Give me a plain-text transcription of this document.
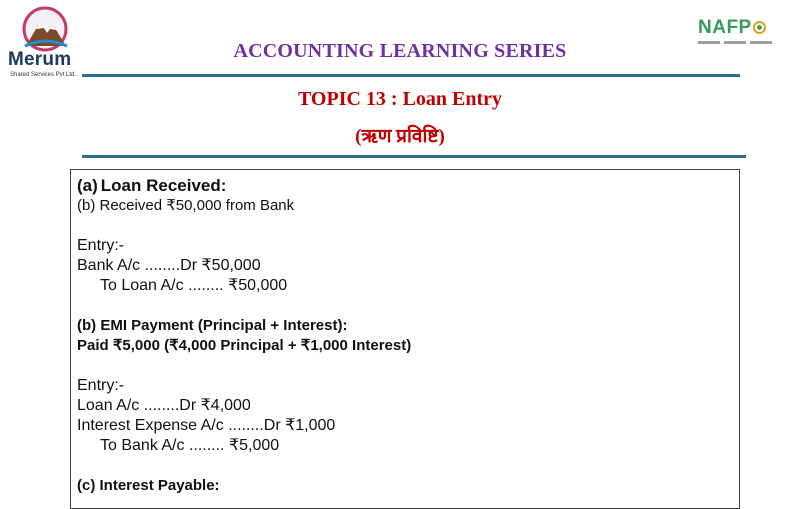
Merum
Shared Services Pvt Ltd.
NAFP
ACCOUNTING LEARNING SERIES
TOPIC 13 : Loan Entry
(ऋण प्रविष्टि)
(a) Loan Received:
(b) Received ₹50,000 from Bank
Entry:-
Bank A/c ........Dr ₹50,000
To Loan A/c ........ ₹50,000
(b) EMI Payment (Principal + Interest):
Paid ₹5,000 (₹4,000 Principal + ₹1,000 Interest)
Entry:-
Loan A/c ........Dr ₹4,000
Interest Expense A/c ........Dr ₹1,000
To Bank A/c ........ ₹5,000
(c) Interest Payable:
